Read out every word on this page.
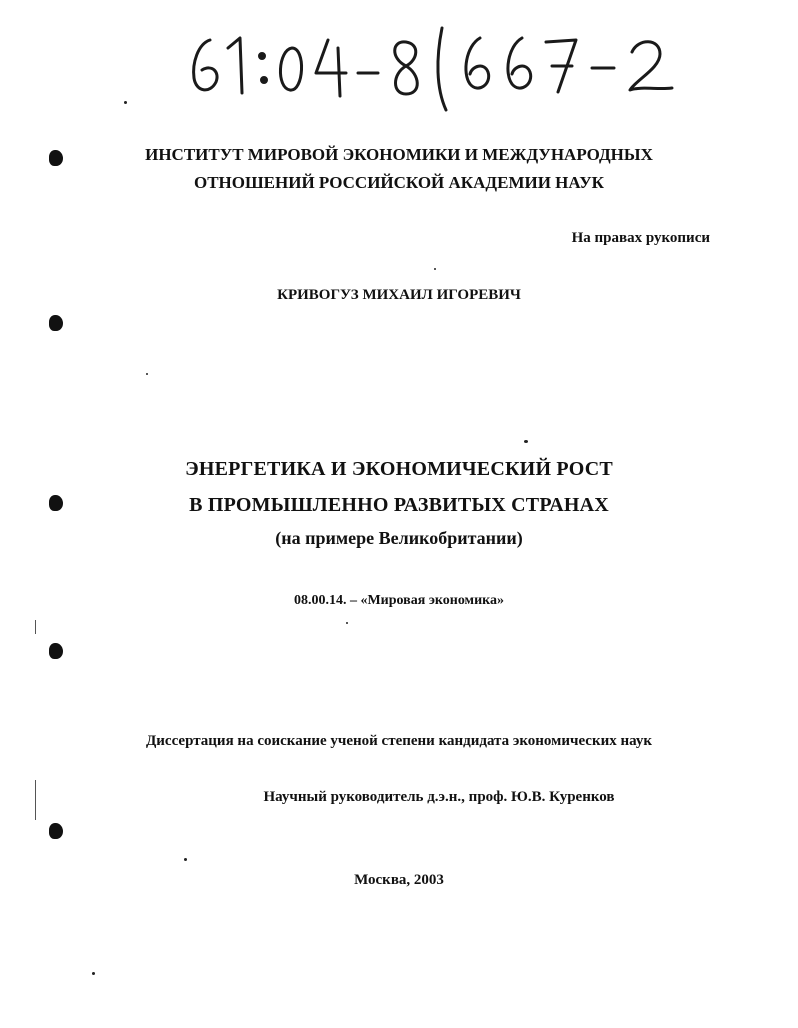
ИНСТИТУТ МИРОВОЙ ЭКОНОМИКИ И МЕЖДУНАРОДНЫХ
ОТНОШЕНИЙ РОССИЙСКОЙ АКАДЕМИИ НАУК
На правах рукописи
КРИВОГУЗ МИХАИЛ ИГОРЕВИЧ
ЭНЕРГЕТИКА И ЭКОНОМИЧЕСКИЙ РОСТ
В ПРОМЫШЛЕННО РАЗВИТЫХ СТРАНАХ
(на примере Великобритании)
08.00.14. – «Мировая экономика»
Диссертация на соискание ученой степени кандидата экономических наук
Научный руководитель д.э.н., проф. Ю.В. Куренков
Москва, 2003
